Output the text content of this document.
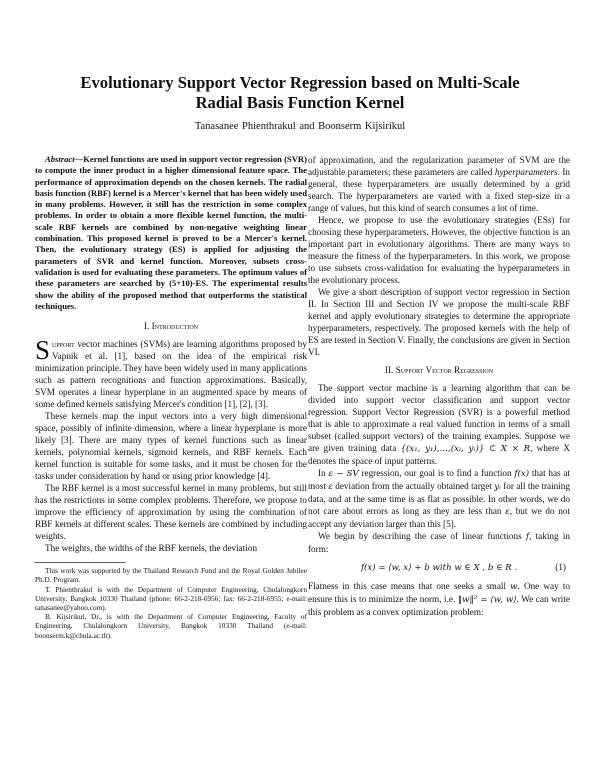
Evolutionary Support Vector Regression based on Multi-Scale
Radial Basis Function Kernel
Tanasanee Phienthrakul and Boonserm Kijsirikul

Abstract—Kernel functions are used in support vector regression (SVR) to compute the inner product in a higher dimensional feature space. The performance of approximation depends on the chosen kernels. The radial basis function (RBF) kernel is a Mercer's kernel that has been widely used in many problems. However, it still has the restriction in some complex problems. In order to obtain a more flexible kernel function, the multi-scale RBF kernels are combined by non-negative weighting linear combination. This proposed kernel is proved to be a Mercer's kernel. Then, the evolutionary strategy (ES) is applied for adjusting the parameters of SVR and kernel function. Moreover, subsets cross-validation is used for evaluating these parameters. The optimum values of these parameters are searched by (5+10)-ES. The experimental results show the ability of the proposed method that outperforms the statistical techniques.

I. Introduction

Support vector machines (SVMs) are learning algorithms proposed by Vapnik et al. [1], based on the idea of the empirical risk minimization principle. They have been widely used in many applications such as pattern recognitions and function approximations. Basically, SVM operates a linear hyperplane in an augmented space by means of some defined kernels satisfying Mercer's condition [1], [2], [3].

These kernels map the input vectors into a very high dimensional space, possibly of infinite dimension, where a linear hyperplane is more likely [3]. There are many types of kernel functions such as linear kernels, polynomial kernels, sigmoid kernels, and RBF kernels. Each kernel function is suitable for some tasks, and it must be chosen for the tasks under consideration by hand or using prior knowledge [4].

The RBF kernel is a most successful kernel in many problems, but still has the restrictions in some complex problems. Therefore, we propose to improve the efficiency of approximation by using the combination of RBF kernels at different scales. These kernels are combined by including weights.

The weights, the widths of the RBF kernels, the deviation

This work was supported by the Thailand Research Fund and the Royal Golden Jubilee Ph.D. Program.

T. Phienthrakul is with the Department of Computer Engineering, Chulalongkorn University, Bangkok 10330 Thailand (phone: 66-2-218-6956; fax: 66-2-218-6955; e-mail: tanasanee@yahoo.com).

B. Kijsirikul, Dr., is with the Department of Computer Engineering, Faculty of Engineering, Chulalongkorn University, Bangkok 10330 Thailand (e-mail: boonserm.k@chula.ac.th).

of approximation, and the regularization parameter of SVM are the adjustable parameters; these parameters are called hyperparameters. In general, these hyperparameters are usually determined by a grid search. The hyperparameters are varied with a fixed step-size in a range of values, but this kind of search consumes a lot of time.

Hence, we propose to use the evolutionary strategies (ESs) for choosing these hyperparameters. However, the objective function is an important part in evolutionary algorithms. There are many ways to measure the fitness of the hyperparameters. In this work, we propose to use subsets cross-validation for evaluating the hyperparameters in the evolutionary process.

We give a short description of support vector regression in Section II. In Section III and Section IV we propose the multi-scale RBF kernel and apply evolutionary strategies to determine the appropriate hyperparameters, respectively. The proposed kernels with the help of ES are tested in Section V. Finally, the conclusions are given in Section VI.

II. Support Vector Regression

The support vector machine is a learning algorithm that can be divided into support vector classification and support vector regression. Support Vector Regression (SVR) is a powerful method that is able to approximate a real valued function in terms of a small subset (called support vectors) of the training examples. Suppose we are given training data {(x₁, y₁),…,(xₗ, yₗ)} ⊂ X × R, where X denotes the space of input patterns.

In ε − SV regression, our goal is to find a function f(x) that has at most ε deviation from the actually obtained target yᵢ for all the training data, and at the same time is as flat as possible. In other words, we do not care about errors as long as they are less than ε, but we do not accept any deviation larger than this [5].

We begin by describing the case of linear functions f, taking in form:

f(x) = ⟨w, x⟩ + b with w ∈ X , b ∈ R .	(1)

Flatness in this case means that one seeks a small w. One way to ensure this is to minimize the norm, i.e. ‖w‖² = ⟨w, w⟩. We can write this problem as a convex optimization problem:
